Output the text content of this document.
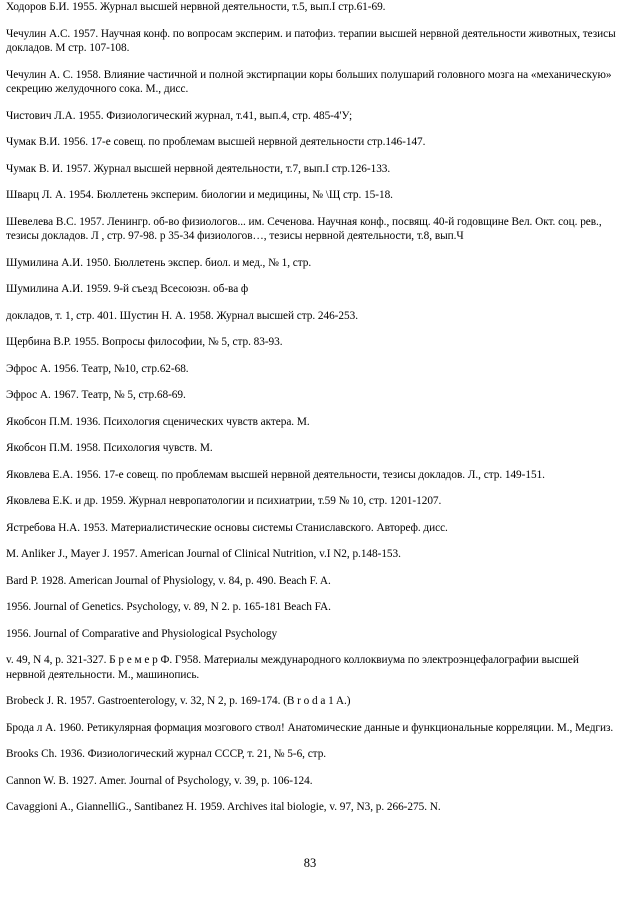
Ходоров Б.И. 1955. Журнал высшей нервной деятельности, т.5, вып.I стр.61-69.

Чечулин А.С. 1957. Научная конф. по вопросам эксперим. и патофиз. терапии высшей нервной деятельности животных, тезисы докладов. М стр. 107-108.

Чечулин А. С. 1958. Влияние частичной и полной экстирпации коры больших полушарий головного мозга на «механическую» секрецию желудочного сока. М., дисс.

Чистович Л.А. 1955. Физиологический журнал, т.41, вып.4, стр. 485-4'У;

Чумак В.И. 1956. 17-е совещ. по проблемам высшей нервной деятельности стр.146-147.

Чумак В. И. 1957. Журнал высшей нервной деятельности, т.7, вып.I стр.126-133.

Шварц Л. А. 1954. Бюллетень эксперим. биологии и медицины, № \Щ стр. 15-18.

Шевелева В.С. 1957. Ленингр. об-во физиологов... им. Сеченова. Научная конф., посвящ. 40-й годовщине Вел. Окт. соц. рев., тезисы докладов. Л , стр. 97-98. р 35-34 физиологов…, тезисы нервной деятельности, т.8, вып.Ч

Шумилина А.И. 1950. Бюллетень экспер. биол. и мед., № 1, стр.

Шумилина А.И. 1959. 9-й съезд Всесоюзн. об-ва ф

докладов, т. 1, стр. 401. Шустин Н. А. 1958. Журнал высшей стр. 246-253.

Щербина В.Р. 1955. Вопросы философии, № 5, стр. 83-93.

Эфрос А. 1956. Театр, №10, стр.62-68.

Эфрос А. 1967. Театр, № 5, стр.68-69.

Якобсон П.М. 1936. Психология сценических чувств актера. М.

Якобсон П.М. 1958. Психология чувств. М.

Яковлева Е.А. 1956. 17-е совещ. по проблемам высшей нервной деятельности, тезисы докладов. Л., стр. 149-151.

Яковлева Е.К. и др. 1959. Журнал невропатологии и психиатрии, т.59 № 10, стр. 1201-1207.

Ястребова Н.А. 1953. Материалистические основы системы Станиславского. Автореф. дисс.

M. Anliker J., Mayer J. 1957. American Journal of Clinical Nutrition, v.I N2, p.148-153.

Bard P. 1928. American Journal of Physiology, v. 84, p. 490. Beach F. A.

1956. Journal of Genetics. Psychology, v. 89, N 2. p. 165-181 Beach FA.

1956. Journal of Comparative and Physiological Psychology

v. 49, N 4, p. 321-327. Б р е м е р Ф. Г958. Материалы международного коллоквиума по электроэнцефалографии высшей нервной деятельности. М., машинопись.

Brobeck J. R. 1957. Gastroenterology, v. 32, N 2, p. 169-174. (B r o d a 1 A.)

Брода л А. 1960. Ретикулярная формация мозгового ствол! Анатомические данные и функциональные корреляции. М., Медгиз.

Brooks Ch. 1936. Физиологический журнал СССР, т. 21, № 5-6, стр.

Cannon W. B. 1927. Amer. Journal of Psychology, v. 39, p. 106-124.

Cavaggioni A., GiannelliG., Santibanez H. 1959. Archives ital biologie, v. 97, N3, p. 266-275. N.

83
